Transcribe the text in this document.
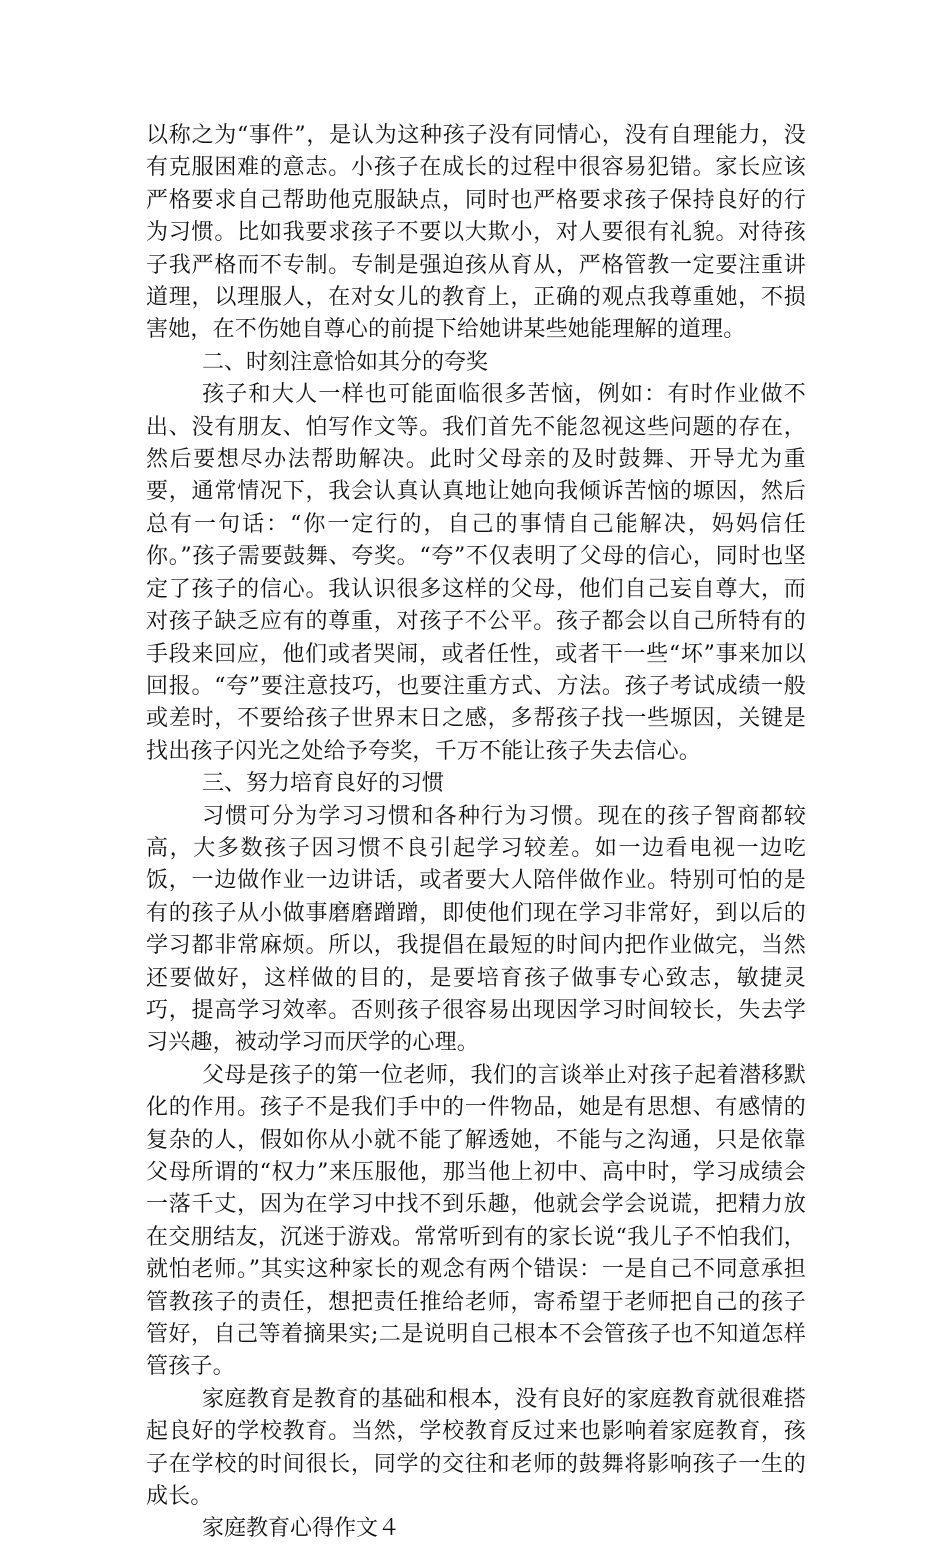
以称之为“事件”，是认为这种孩子没有同情心，没有自理能力，没有克服困难的意志。小孩子在成长的过程中很容易犯错。家长应该严格要求自己帮助他克服缺点，同时也严格要求孩子保持良好的行为习惯。比如我要求孩子不要以大欺小，对人要很有礼貌。对待孩子我严格而不专制。专制是强迫孩从育从，严格管教一定要注重讲道理，以理服人，在对女儿的教育上，正确的观点我尊重她，不损害她，在不伤她自尊心的前提下给她讲某些她能理解的道理。

二、时刻注意恰如其分的夸奖

孩子和大人一样也可能面临很多苦恼，例如：有时作业做不出、没有朋友、怕写作文等。我们首先不能忽视这些问题的存在，然后要想尽办法帮助解决。此时父母亲的及时鼓舞、开导尤为重要，通常情况下，我会认真认真地让她向我倾诉苦恼的塬因，然后总有一句话：“你一定行的，自己的事情自己能解决，妈妈信任你。”孩子需要鼓舞、夸奖。“夸”不仅表明了父母的信心，同时也坚定了孩子的信心。我认识很多这样的父母，他们自己妄自尊大，而对孩子缺乏应有的尊重，对孩子不公平。孩子都会以自己所特有的手段来回应，他们或者哭闹，或者任性，或者干一些“坏”事来加以回报。“夸”要注意技巧，也要注重方式、方法。孩子考试成绩一般或差时，不要给孩子世界末日之感，多帮孩子找一些塬因，关键是找出孩子闪光之处给予夸奖，千万不能让孩子失去信心。

三、努力培育良好的习惯

习惯可分为学习习惯和各种行为习惯。现在的孩子智商都较高，大多数孩子因习惯不良引起学习较差。如一边看电视一边吃饭，一边做作业一边讲话，或者要大人陪伴做作业。特别可怕的是有的孩子从小做事磨磨蹭蹭，即使他们现在学习非常好，到以后的学习都非常麻烦。所以，我提倡在最短的时间内把作业做完，当然还要做好，这样做的目的，是要培育孩子做事专心致志，敏捷灵巧，提高学习效率。否则孩子很容易出现因学习时间较长，失去学习兴趣，被动学习而厌学的心理。

父母是孩子的第一位老师，我们的言谈举止对孩子起着潜移默化的作用。孩子不是我们手中的一件物品，她是有思想、有感情的复杂的人，假如你从小就不能了解透她，不能与之沟通，只是依靠父母所谓的“权力”来压服他，那当他上初中、高中时，学习成绩会一落千丈，因为在学习中找不到乐趣，他就会学会说谎，把精力放在交朋结友，沉迷于游戏。常常听到有的家长说“我儿子不怕我们，就怕老师。”其实这种家长的观念有两个错误：一是自己不同意承担管教孩子的责任，想把责任推给老师，寄希望于老师把自己的孩子管好，自己等着摘果实;二是说明自己根本不会管孩子也不知道怎样管孩子。

家庭教育是教育的基础和根本，没有良好的家庭教育就很难搭起良好的学校教育。当然，学校教育反过来也影响着家庭教育，孩子在学校的时间很长，同学的交往和老师的鼓舞将影响孩子一生的成长。

家庭教育心得作文４
